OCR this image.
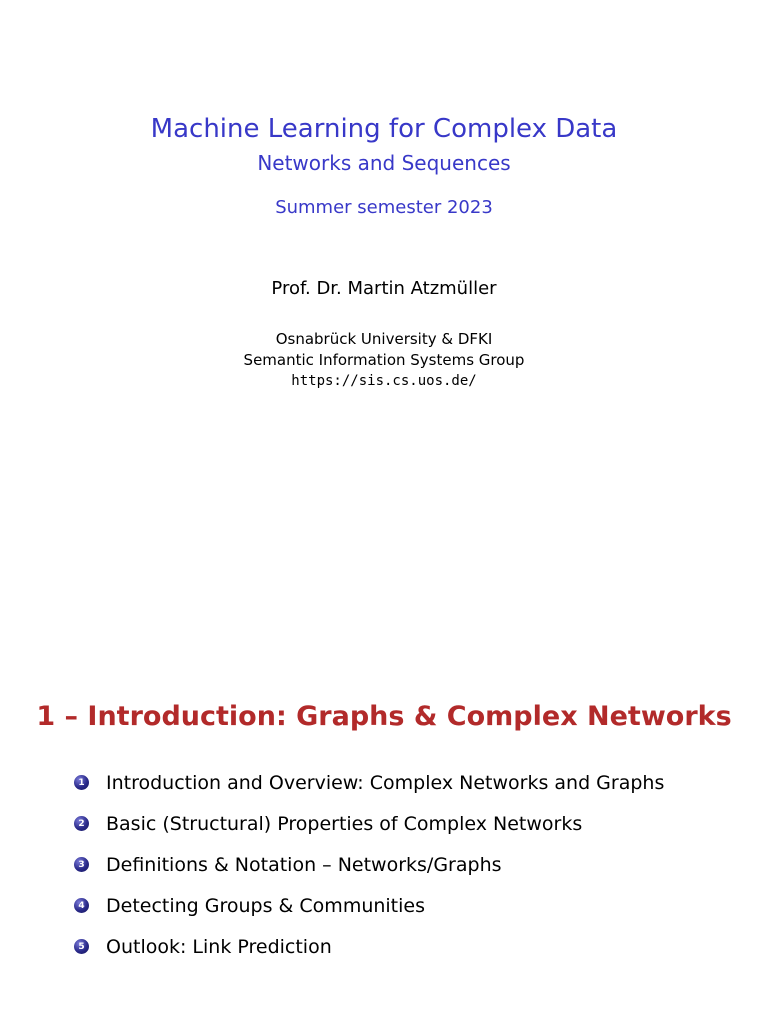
Machine Learning for Complex Data
Networks and Sequences
Summer semester 2023
Prof. Dr. Martin Atzmüller
Osnabrück University & DFKI
Semantic Information Systems Group
https://sis.cs.uos.de/
1 – Introduction: Graphs & Complex Networks
1 Introduction and Overview: Complex Networks and Graphs
2 Basic (Structural) Properties of Complex Networks
3 Definitions & Notation – Networks/Graphs
4 Detecting Groups & Communities
5 Outlook: Link Prediction
